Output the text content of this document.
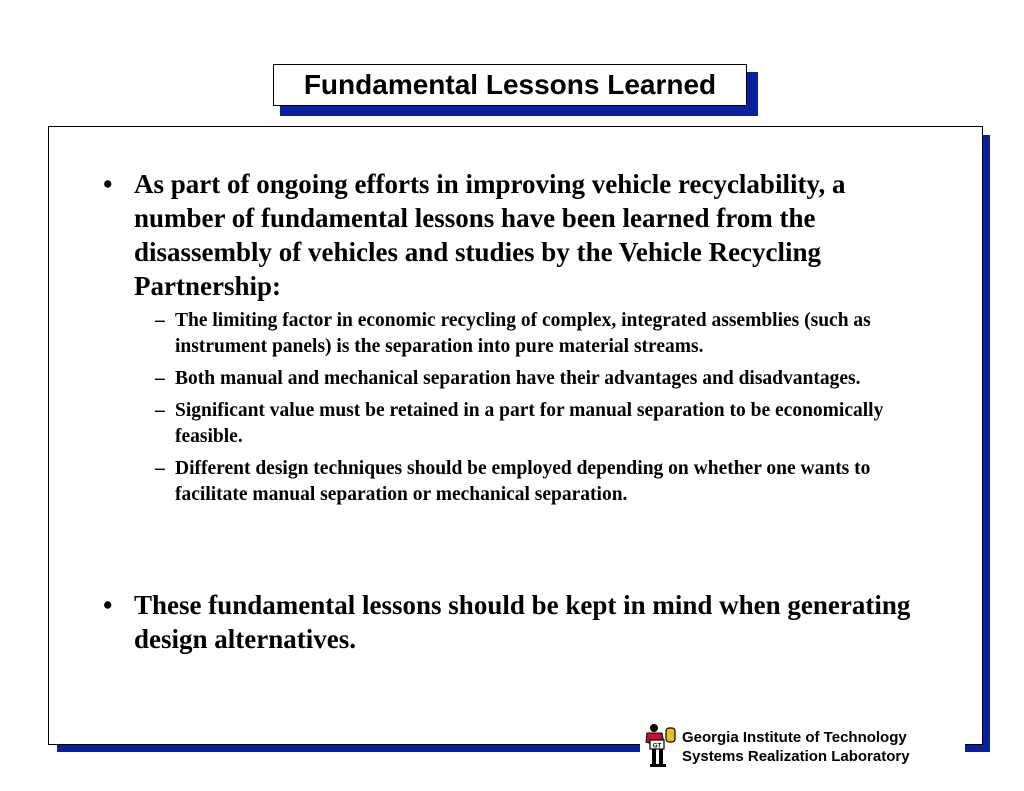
Fundamental Lessons Learned
• As part of ongoing efforts in improving vehicle recyclability, a number of fundamental lessons have been learned from the disassembly of vehicles and studies by the Vehicle Recycling Partnership:
– The limiting factor in economic recycling of complex, integrated assemblies (such as instrument panels) is the separation into pure material streams.
– Both manual and mechanical separation have their advantages and disadvantages.
– Significant value must be retained in a part for manual separation to be economically feasible.
– Different design techniques should be employed depending on whether one wants to facilitate manual separation or mechanical separation.
• These fundamental lessons should be kept in mind when generating design alternatives.
GT
Georgia Institute of Technology
Systems Realization Laboratory
